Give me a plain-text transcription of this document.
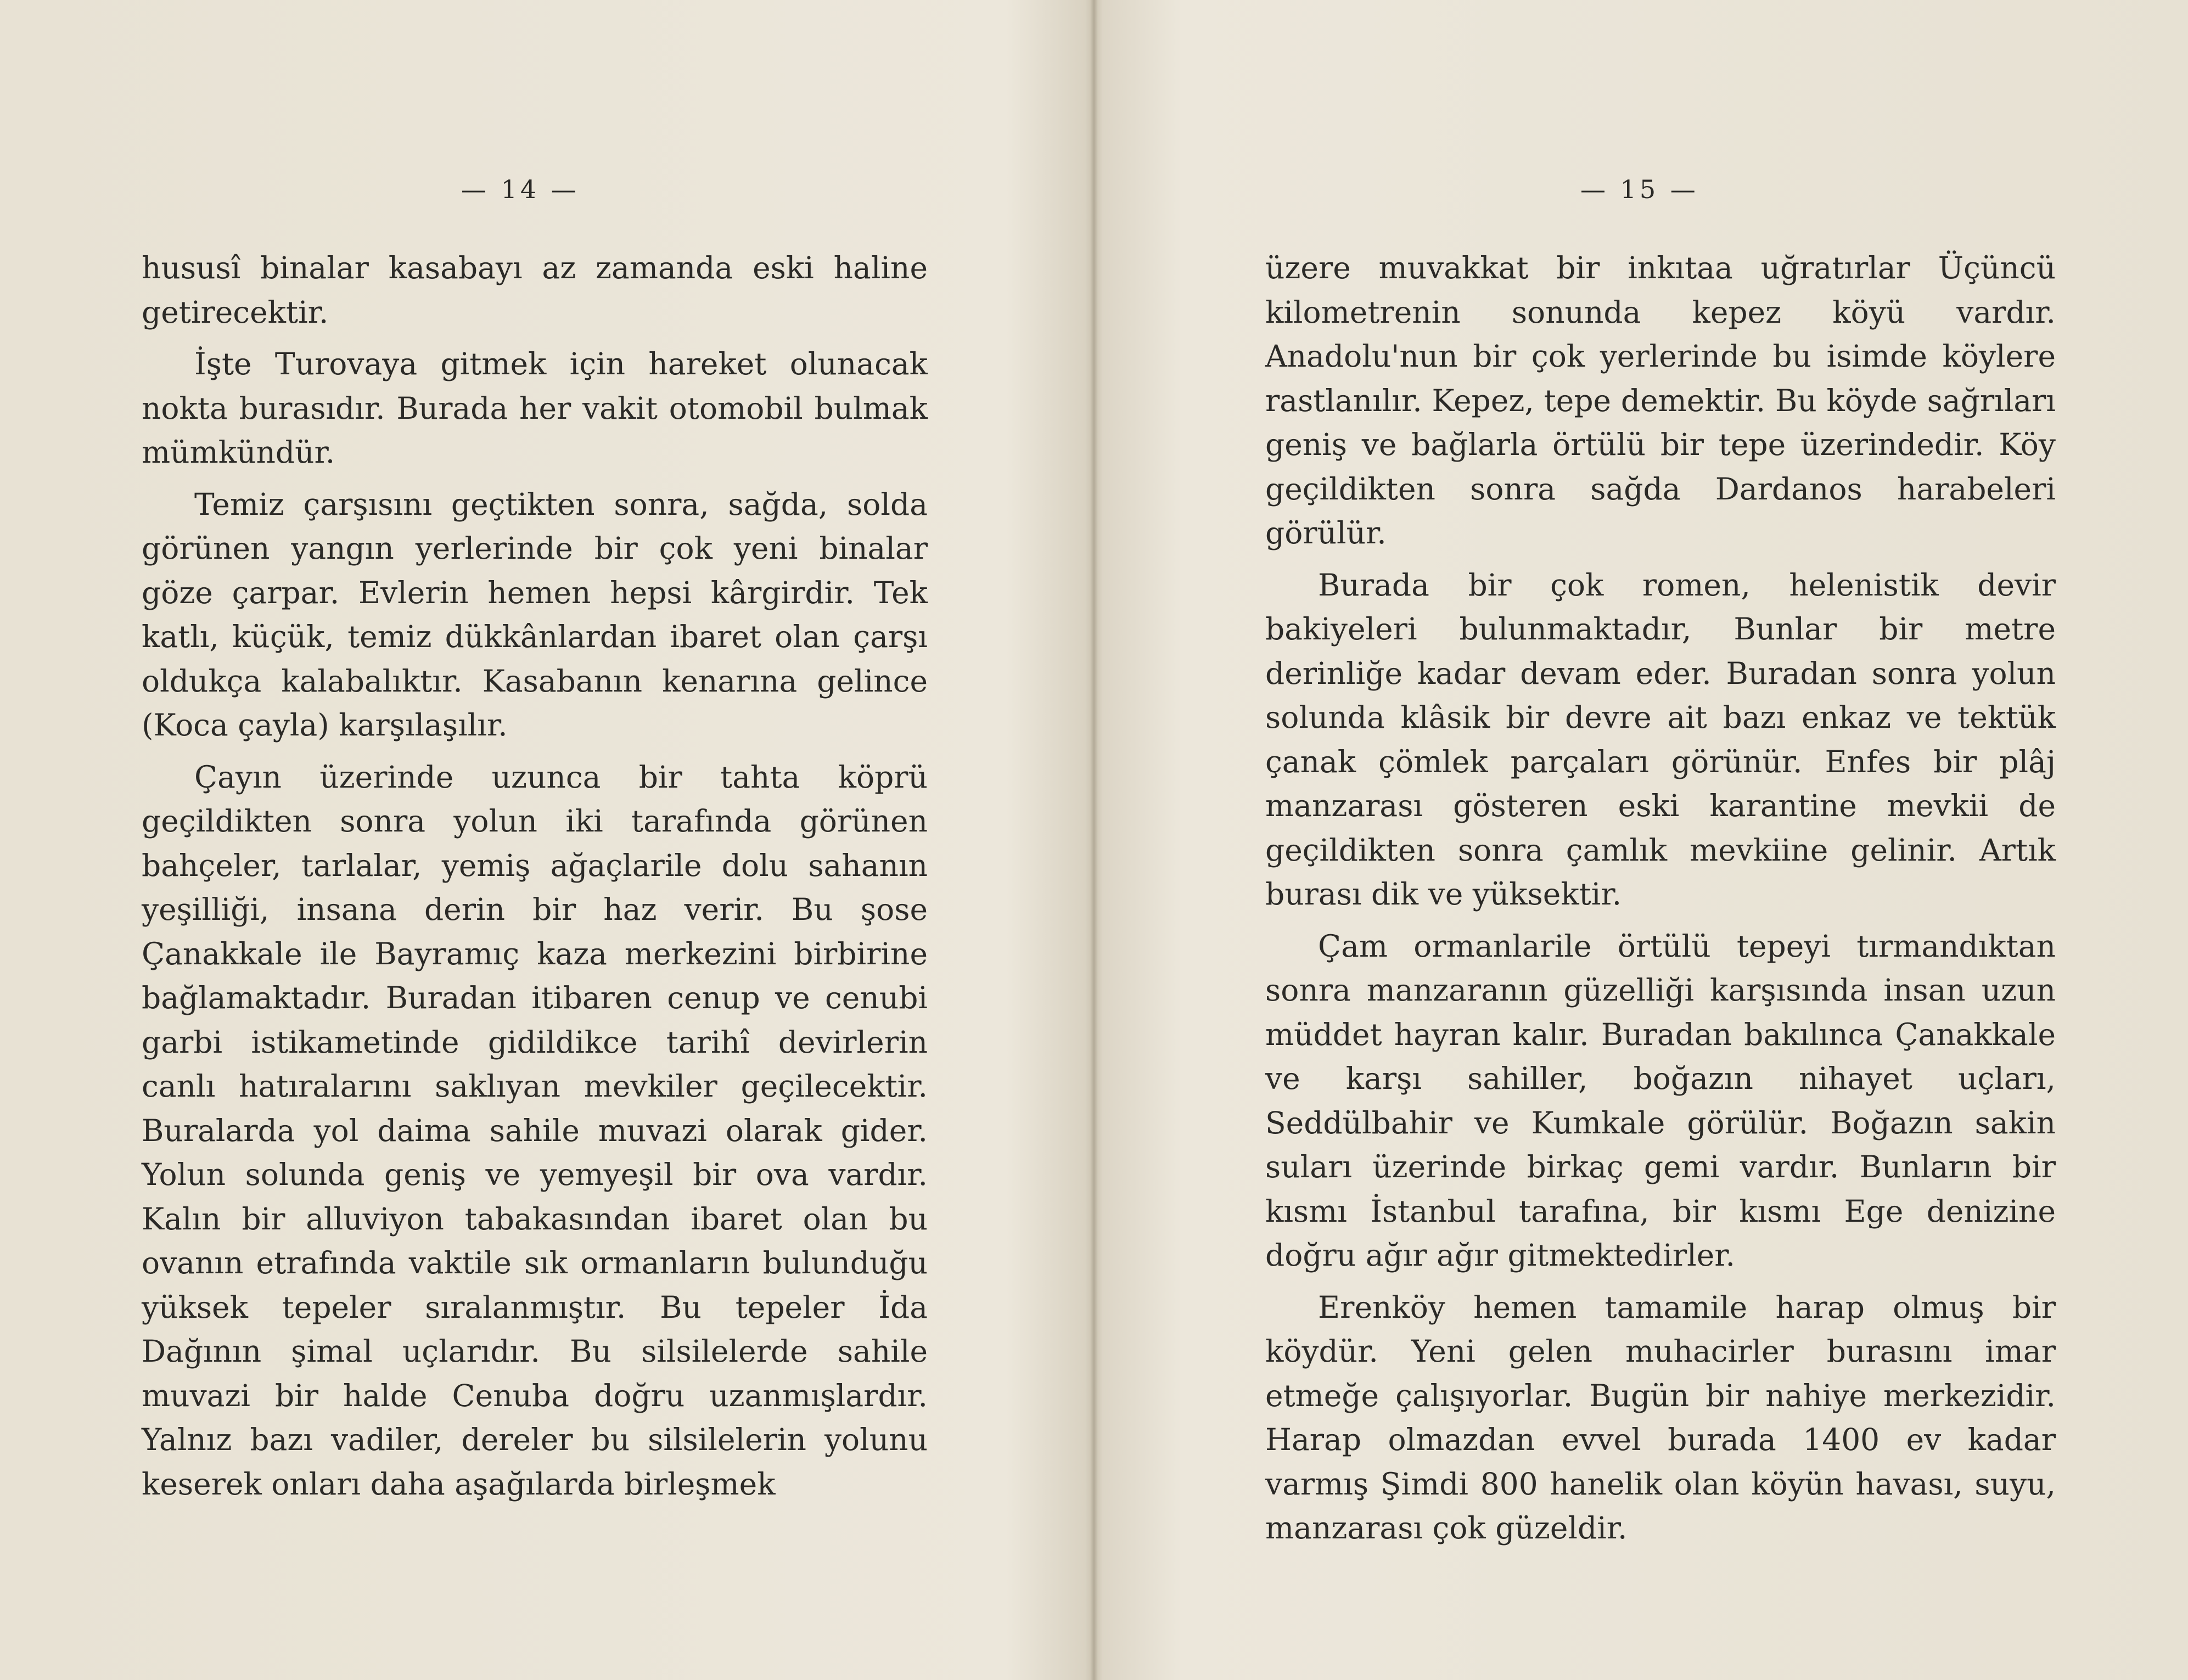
— 14 —

hususî binalar kasabayı az zamanda eski haline getirecektir.

İşte Turovaya gitmek için hareket olunacak nokta burasıdır. Burada her vakit otomobil bulmak mümkündür.

Temiz çarşısını geçtikten sonra, sağda, solda görünen yangın yerlerinde bir çok yeni binalar göze çarpar. Evlerin hemen hepsi kârgirdir. Tek katlı, küçük, temiz dükkânlardan ibaret olan çarşı oldukça kalabalıktır. Kasabanın kenarına gelince (Koca çayla) karşılaşılır.

Çayın üzerinde uzunca bir tahta köprü geçildikten sonra yolun iki tarafında görünen bahçeler, tarlalar, yemiş ağaçlarile dolu sahanın yeşilliği, insana derin bir haz verir. Bu şose Çanakkale ile Bayramıç kaza merkezini birbirine bağlamaktadır. Buradan itibaren cenup ve cenubi garbi istikametinde gidildikce tarihî devirlerin canlı hatıralarını saklıyan mevkiler geçilecektir. Buralarda yol daima sahile muvazi olarak gider. Yolun solunda geniş ve yemyeşil bir ova vardır. Kalın bir alluviyon tabakasından ibaret olan bu ovanın etrafında vaktile sık ormanların bulunduğu yüksek tepeler sıralanmıştır. Bu tepeler İda Dağının şimal uçlarıdır. Bu silsilelerde sahile muvazi bir halde Cenuba doğru uzanmışlardır. Yalnız bazı vadiler, dereler bu silsilelerin yolunu keserek onları daha aşağılarda birleşmek

— 15 —

üzere muvakkat bir inkıtaa uğratırlar Üçüncü kilometrenin sonunda kepez köyü vardır. Anadolu'nun bir çok yerlerinde bu isimde köylere rastlanılır. Kepez, tepe demektir. Bu köyde sağrıları geniş ve bağlarla örtülü bir tepe üzerindedir. Köy geçildikten sonra sağda Dardanos harabeleri görülür.

Burada bir çok romen, helenistik devir bakiyeleri bulunmaktadır, Bunlar bir metre derinliğe kadar devam eder. Buradan sonra yolun solunda klâsik bir devre ait bazı enkaz ve tektük çanak çömlek parçaları görünür. Enfes bir plâj manzarası gösteren eski karantine mevkii de geçildikten sonra çamlık mevkiine gelinir. Artık burası dik ve yüksektir.

Çam ormanlarile örtülü tepeyi tırmandıktan sonra manzaranın güzelliği karşısında insan uzun müddet hayran kalır. Buradan bakılınca Çanakkale ve karşı sahiller, boğazın nihayet uçları, Seddülbahir ve Kumkale görülür. Boğazın sakin suları üzerinde birkaç gemi vardır. Bunların bir kısmı İstanbul tarafına, bir kısmı Ege denizine doğru ağır ağır gitmektedirler.

Erenköy hemen tamamile harap olmuş bir köydür. Yeni gelen muhacirler burasını imar etmeğe çalışıyorlar. Bugün bir nahiye merkezidir. Harap olmazdan evvel burada 1400 ev kadar varmış Şimdi 800 hanelik olan köyün havası, suyu, manzarası çok güzeldir.
